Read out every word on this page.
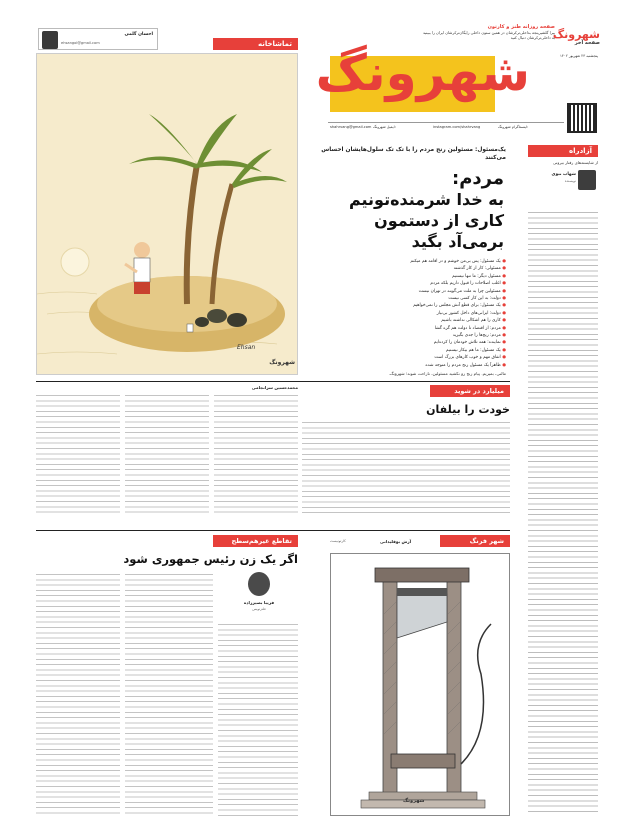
احسان گلمی
ehsangol@gmail.com
شهرونگ
شهرونگ
صفحه آخر
صفحه روزانه طنز و کارتون
پیرا گلشیرینجه بداخلی‌ترکرشان در همین ستون داخلی رایگان‌ترکرشان ایران را ببینید
به داخلی‌ترکرشان دنبال کنید
پنجشنبه ۲۳ شهریور ۱۴۰۲
shahrvang@gmail.com ایمیل شهرونگ:	instagram.com/shahrvang	اینستاگرام شهرونگ:
تماشاخانه
Ehsan
شهرونگ
یک‌مسئول: مسئولین رنج مردم را با تک تک سلول‌هایشان احساس می‌کنند
مردم:
به خدا شرمند‌ه‌تونیم
کاری از دستمون
برمی‌آد بگید
● یک مسئول: پس بی‌من خوشم و در اقامه هم میکنم
● مسئولی: کار از کار گذشته
● مسئول دیگر: ما تنها نیستیم
● اغلب اصلاحات را قبول داریم بلکه مردم
● مسئولین چرا به ملت می‌گویند در تهران نیست
● دولت: به این کار کسی نیست
● یک مسئول: برای قطع آتش مجلس را نمی‌خواهیم
● دولت: ایرانی‌های داخل کشور بی‌نیاز
● کاری را هم اشکالی نداشته باشیم
● مردم: از اقتصاد تا دولت هم گره گشا
● مردم: رنج‌ها را جدی بگیرید
● نماینده: همه تلاش خودمان را کرده‌ایم
● یک مسئول: ما هم بیکار نیستیم
● اتفاق مهم و خوب کارهای بزرگ است
● ظاهراً یک مسئول رنج مردم را متوجه شده
مالنی، بمیریم. پیام رنج رو نکشید مسئولین، ناراحت شوند؛ شهرونگ.
آزادراه
از شایسته‌های رفتار بیرونی
شهاب نبوی
نویسنده
محمدحسین سرانجامی	میلیارد در شوید
خودت را بیلفان
تقاطع غیرهم‌سطح
اگر یک زن رئیس جمهوری شود
فریبا بصیرزاده
طنزنویس
شهر فرنگ
کارتونیست	آرش بوقلیدانی
شهرونگ
